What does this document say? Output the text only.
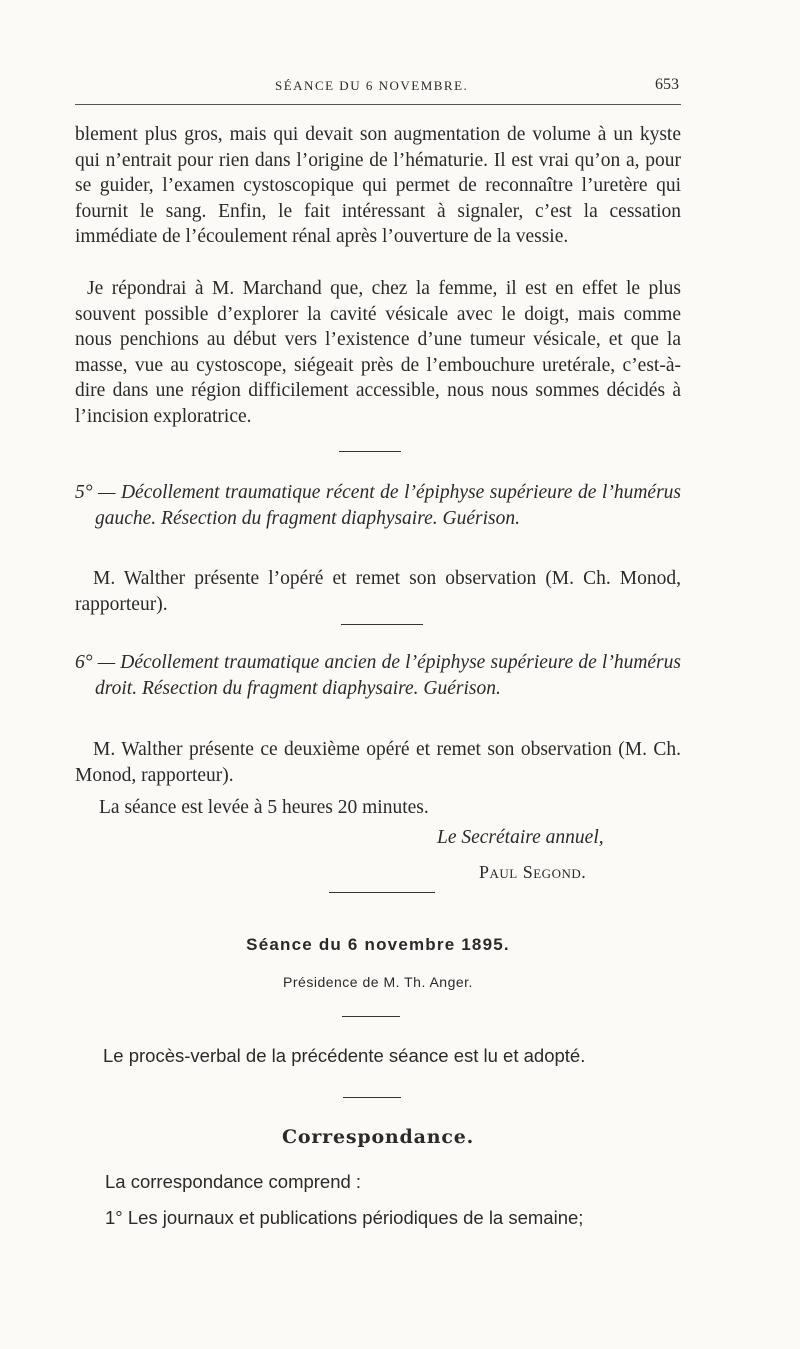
SÉANCE DU 6 NOVEMBRE.	653

blement plus gros, mais qui devait son augmentation de volume à un kyste qui n’entrait pour rien dans l’origine de l’hématurie. Il est vrai qu’on a, pour se guider, l’examen cystoscopique qui permet de reconnaître l’uretère qui fournit le sang. Enfin, le fait intéressant à signaler, c’est la cessation immédiate de l’écoulement rénal après l’ouverture de la vessie.

Je répondrai à M. Marchand que, chez la femme, il est en effet le plus souvent possible d’explorer la cavité vésicale avec le doigt, mais comme nous penchions au début vers l’existence d’une tumeur vésicale, et que la masse, vue au cystoscope, siégeait près de l’embouchure uretérale, c’est-à-dire dans une région difficilement accessible, nous nous sommes décidés à l’incision exploratrice.

5° — Décollement traumatique récent de l’épiphyse supérieure de l’humérus gauche. Résection du fragment diaphysaire. Guérison.

M. Walther présente l’opéré et remet son observation (M. Ch. Monod, rapporteur).

6° — Décollement traumatique ancien de l’épiphyse supérieure de l’humérus droit. Résection du fragment diaphysaire. Guérison.

M. Walther présente ce deuxième opéré et remet son observation (M. Ch. Monod, rapporteur).

La séance est levée à 5 heures 20 minutes.

Le Secrétaire annuel,
Paul Segond.
Séance du 6 novembre 1895.
Présidence de M. Th. Anger.
Le procès-verbal de la précédente séance est lu et adopté.
Correspondance.
La correspondance comprend :
1° Les journaux et publications périodiques de la semaine;
